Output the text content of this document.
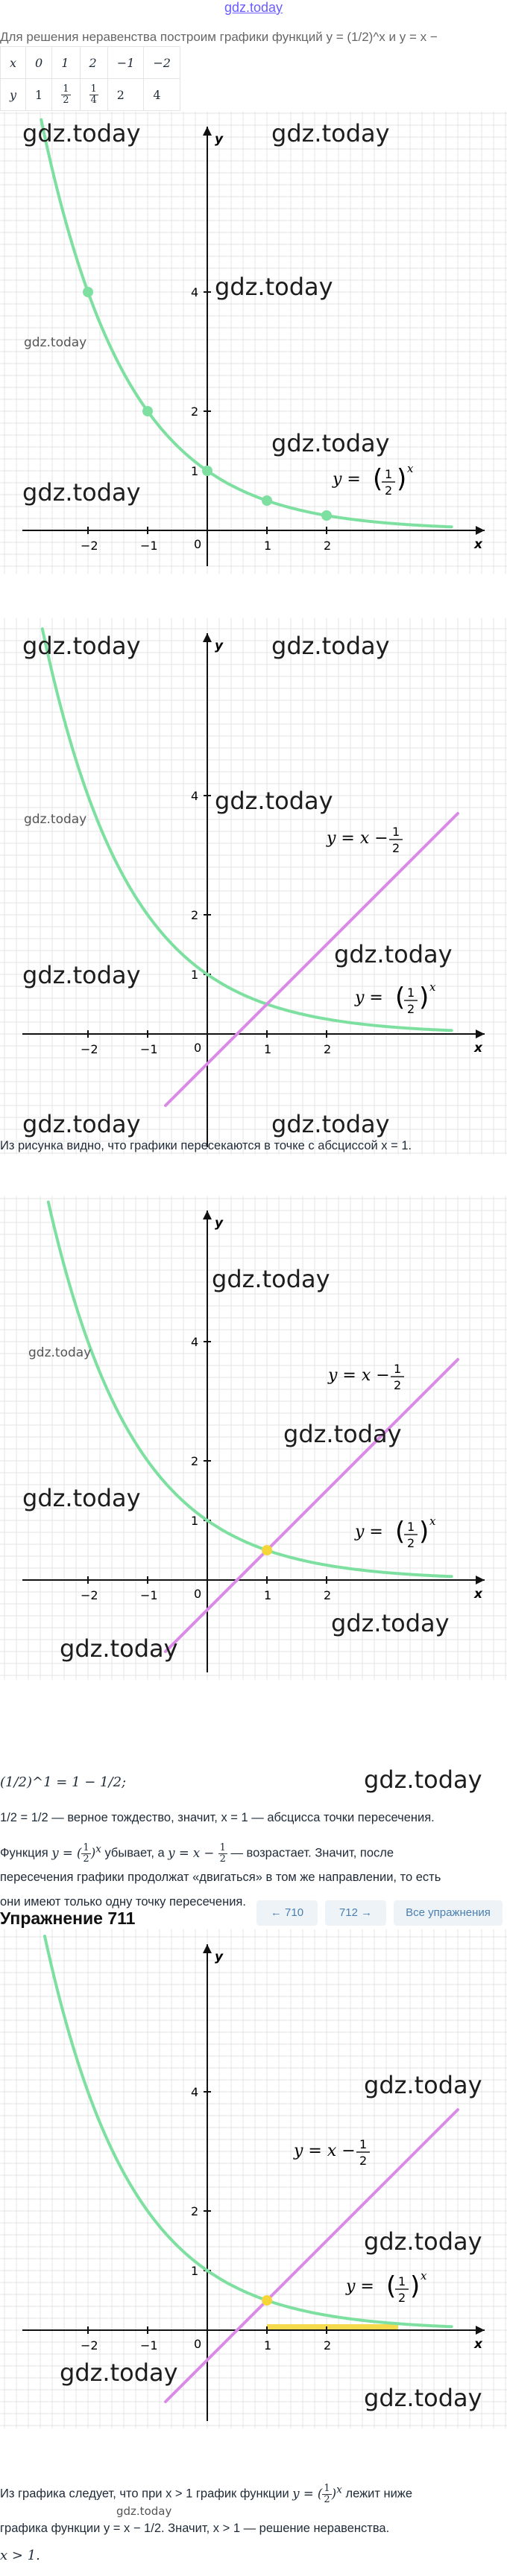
gdz.today
Для решения неравенства построим графики функций y = (1/2)^x и y = x −
x	0	1	2	−1	−2
y	1	$\frac{1}{2}$	$\frac{1}{4}$	2	4
x
y
0
−2	−1	1	2
1
2
4
y = ( 1
2 ) x
x
y
0
−2	−1	1	2
1
2
4
y = ( 1
2 ) x
y = x − 1
2
Из рисунка видно, что графики пересекаются в точке с абсциссой x = 1.
x
y
0
−2	−1	1	2
1
2
4
y = ( 1
2 ) x
y = x − 1
2
(1/2)^1 = 1 − 1/2;
1/2 = 1/2 — верное тождество, значит, x = 1 — абсцисса точки пересечения.
Функция y = ( $\frac{1}{2} )^x$ убывает, а $y = x - \frac{1}{2}$ — возрастает. Значит, после
пересечения графики продолжат «двигаться» в том же направлении, то есть
они имеют только одну точку пересечения.
Упражнение 711	← 710	712 →	Все упражнения
x
y
0
−2	−1	1	2
1
2
4
y = ( 1
2 ) x
y = x − 1
2
Из графика следует, что при x > 1 график функции y = ( $\frac{1}{2} )^x$ лежит ниже
графика функции y = x − 1/2. Значит, x > 1 — решение неравенства.
x > 1.
gdz.today	gdz.today
gdz.today
gdz.today
gdz.today
gdz.today
gdz.today	gdz.today
gdz.today
gdz.today
gdz.today
gdz.today
gdz.today
gdz.today
gdz.today
gdz.today
gdz.today
gdz.today
gdz.today
gdz.today
gdz.today
gdz.today
gdz.today
gdz.today
gdz.today
gdz.today
